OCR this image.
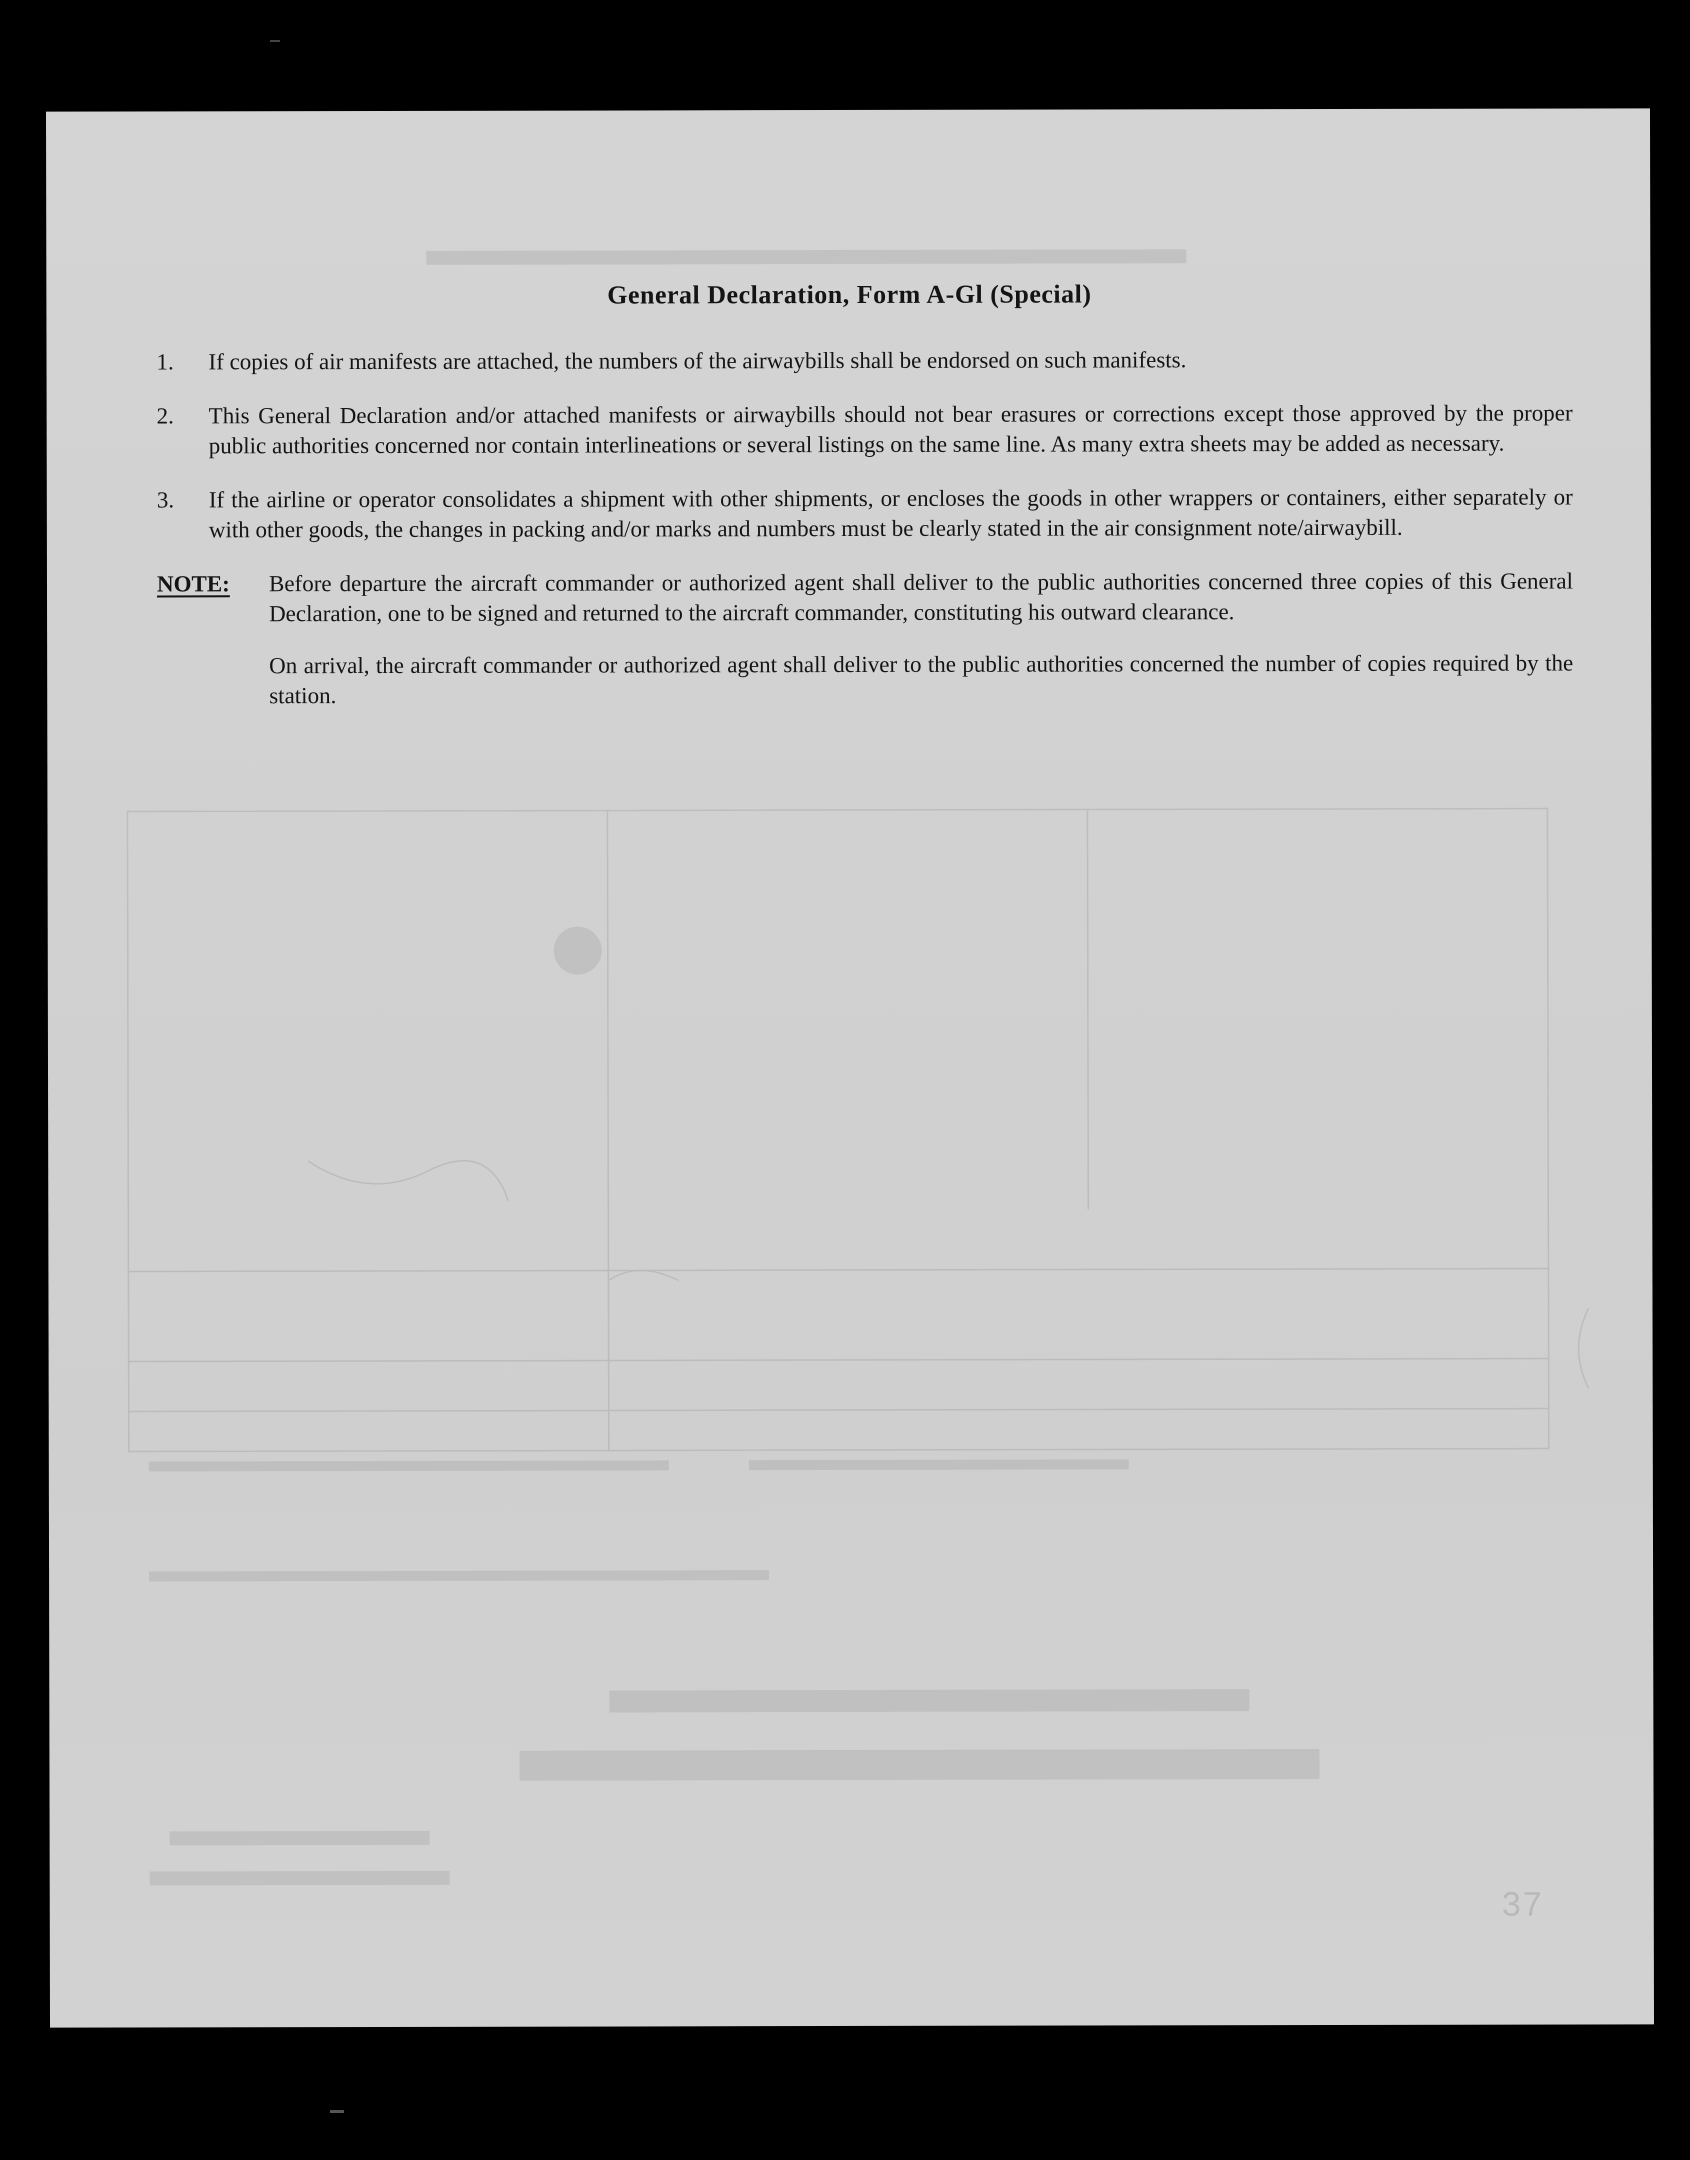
General Declaration, Form A-Gl (Special)
1.	If copies of air manifests are attached, the numbers of the airwaybills shall be endorsed on such manifests.
2.	This General Declaration and/or attached manifests or airwaybills should not bear erasures or corrections except those approved by the proper public authorities concerned nor contain interlineations or several listings on the same line. As many extra sheets may be added as necessary.
3.	If the airline or operator consolidates a shipment with other shipments, or encloses the goods in other wrappers or containers, either separately or with other goods, the changes in packing and/or marks and numbers must be clearly stated in the air consignment note/airwaybill.
NOTE:	Before departure the aircraft commander or authorized agent shall deliver to the public authorities concerned three copies of this General Declaration, one to be signed and returned to the aircraft commander, constituting his outward clearance.

On arrival, the aircraft commander or authorized agent shall deliver to the public authorities concerned the number of copies required by the station.

37
